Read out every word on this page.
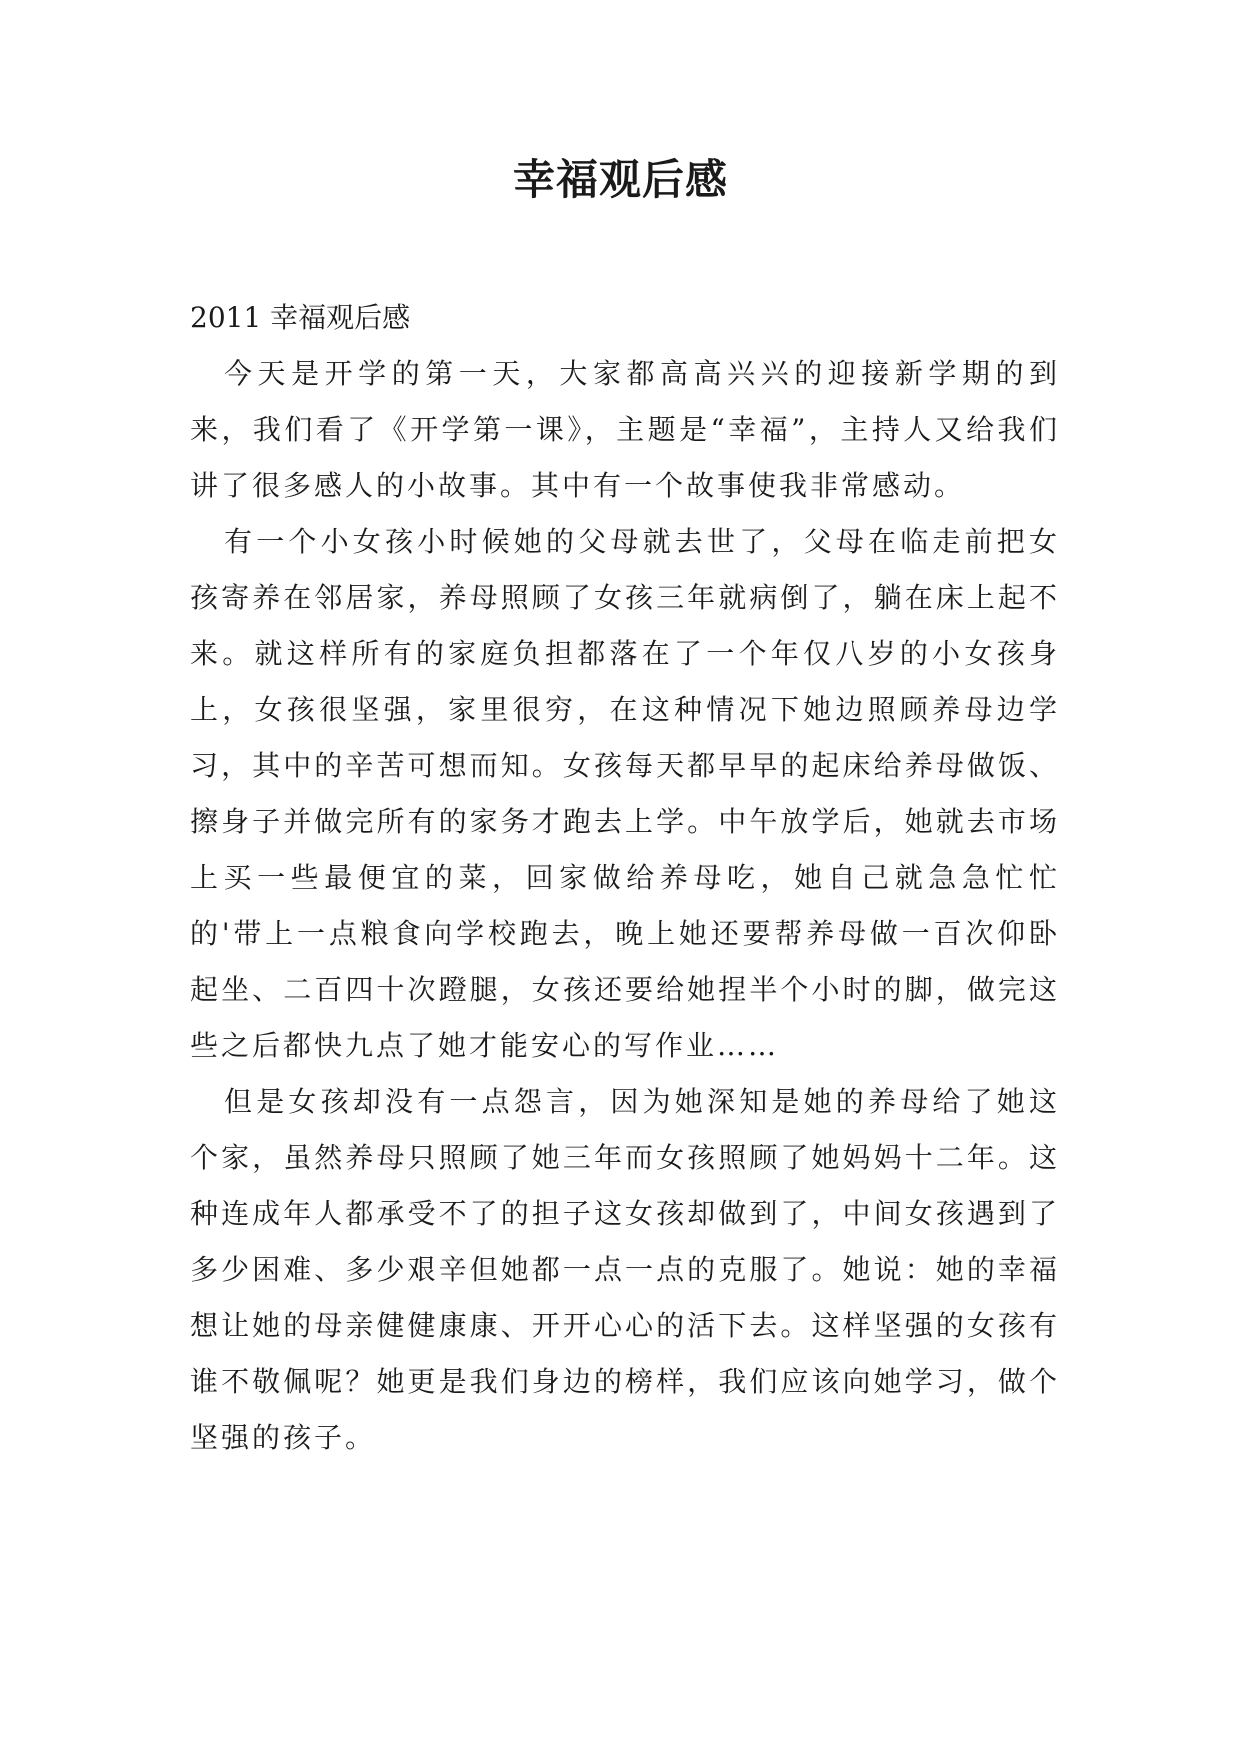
幸福观后感

2011 幸福观后感

今天是开学的第一天，大家都高高兴兴的迎接新学期的到来，我们看了《开学第一课》，主题是“幸福”，主持人又给我们讲了很多感人的小故事。其中有一个故事使我非常感动。

有一个小女孩小时候她的父母就去世了，父母在临走前把女孩寄养在邻居家，养母照顾了女孩三年就病倒了，躺在床上起不来。就这样所有的家庭负担都落在了一个年仅八岁的小女孩身上，女孩很坚强，家里很穷，在这种情况下她边照顾养母边学习，其中的辛苦可想而知。女孩每天都早早的起床给养母做饭、擦身子并做完所有的家务才跑去上学。中午放学后，她就去市场上买一些最便宜的菜，回家做给养母吃，她自己就急急忙忙的'带上一点粮食向学校跑去，晚上她还要帮养母做一百次仰卧起坐、二百四十次蹬腿，女孩还要给她捏半个小时的脚，做完这些之后都快九点了她才能安心的写作业……

但是女孩却没有一点怨言，因为她深知是她的养母给了她这个家，虽然养母只照顾了她三年而女孩照顾了她妈妈十二年。这种连成年人都承受不了的担子这女孩却做到了，中间女孩遇到了多少困难、多少艰辛但她都一点一点的克服了。她说：她的幸福想让她的母亲健健康康、开开心心的活下去。这样坚强的女孩有谁不敬佩呢？她更是我们身边的榜样，我们应该向她学习，做个坚强的孩子。
